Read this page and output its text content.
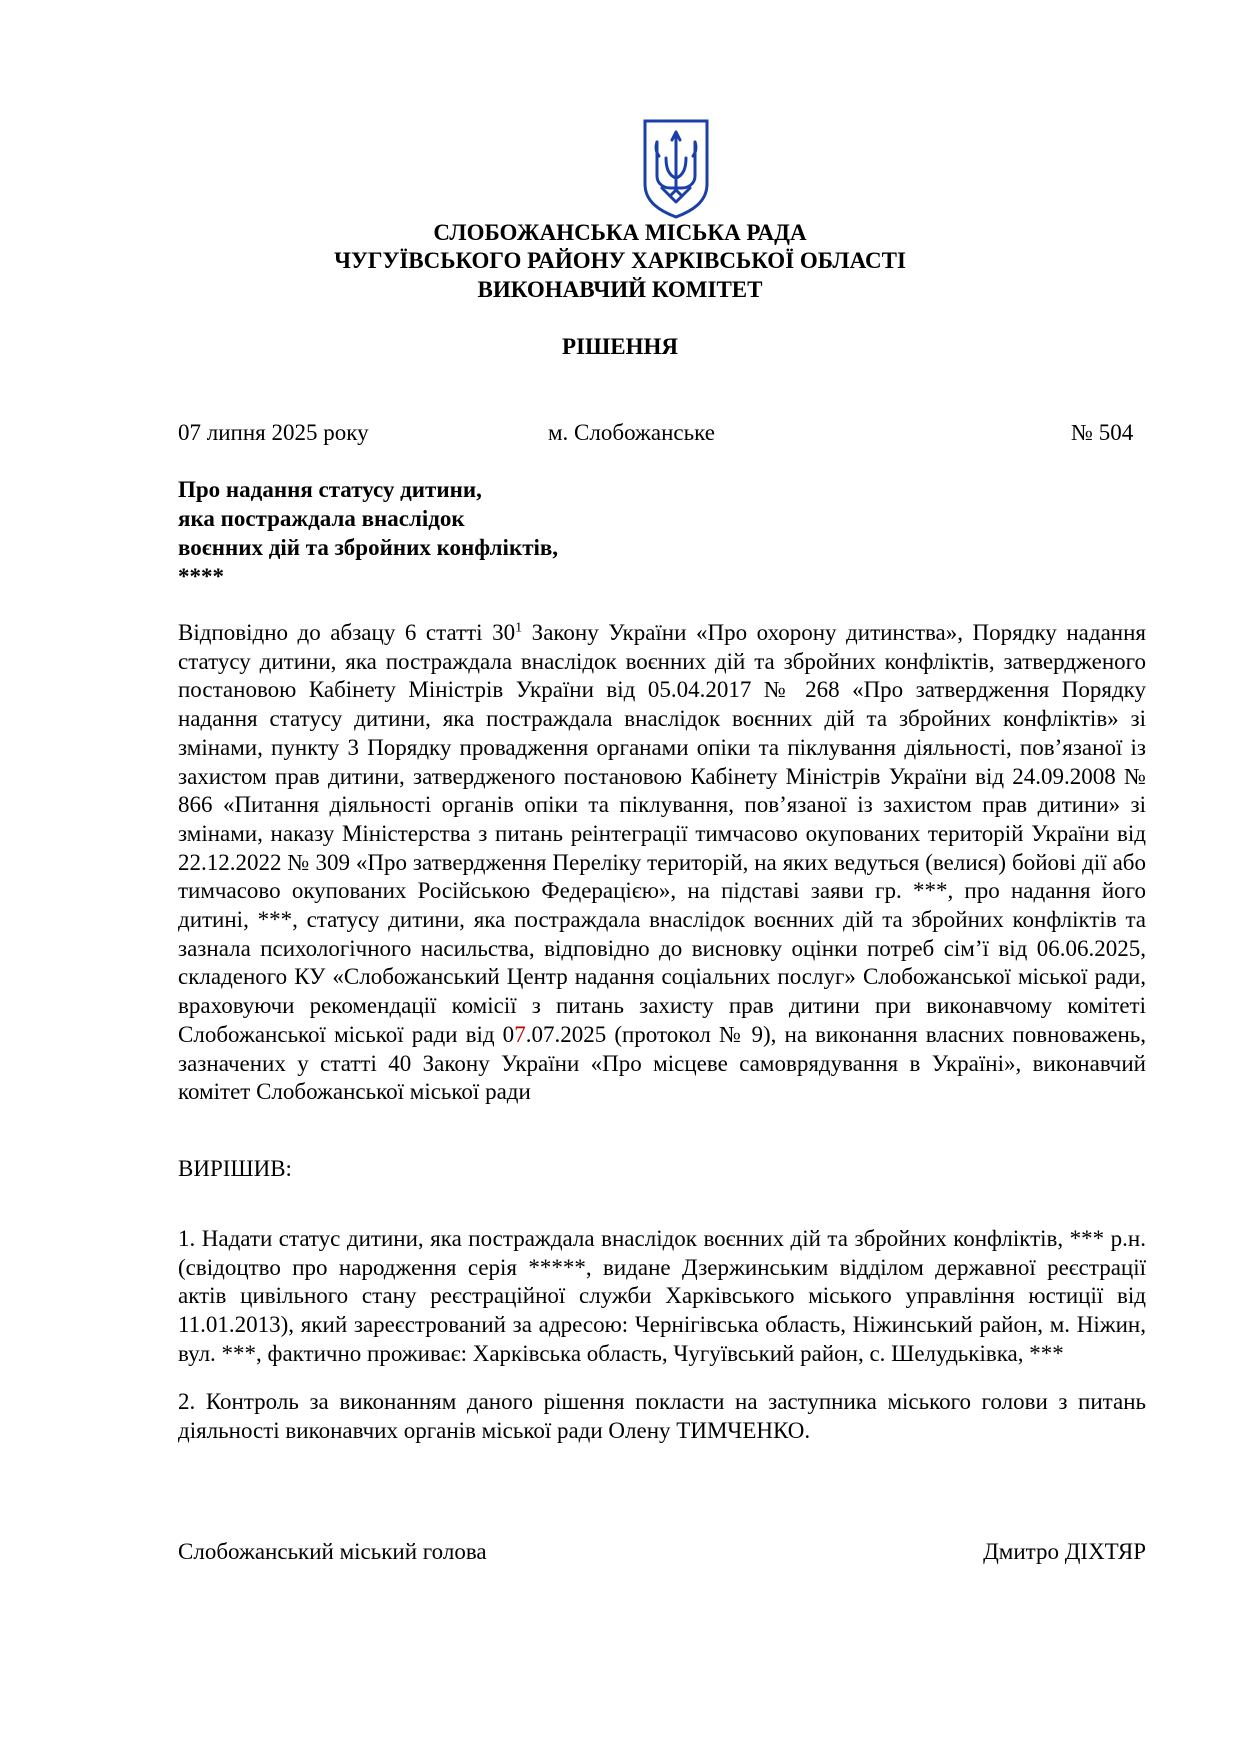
СЛОБОЖАНСЬКА МІСЬКА РАДА
ЧУГУЇВСЬКОГО РАЙОНУ ХАРКІВСЬКОЇ ОБЛАСТІ
ВИКОНАВЧИЙ КОМІТЕТ
РІШЕННЯ
07 липня 2025 року	м. Слобожанське	№ 504
Про надання статусу дитини,
яка постраждала внаслідок
воєнних дій та збройних конфліктів,
****
Відповідно до абзацу 6 статті $30^1$ Закону України «Про охорону дитинства», Порядку надання статусу дитини, яка постраждала внаслідок воєнних дій та збройних конфліктів, затвердженого постановою Кабінету Міністрів України від 05.04.2017 № 268 «Про затвердження Порядку надання статусу дитини, яка постраждала внаслідок воєнних дій та збройних конфліктів» зі змінами, пункту 3 Порядку провадження органами опіки та піклування діяльності, пов’язаної із захистом прав дитини, затвердженого постановою Кабінету Міністрів України від 24.09.2008 № 866 «Питання діяльності органів опіки та піклування, пов’язаної із захистом прав дитини» зі змінами, наказу Міністерства з питань реінтеграції тимчасово окупованих територій України від 22.12.2022 № 309 «Про затвердження Переліку територій, на яких ведуться (велися) бойові дії або тимчасово окупованих Російською Федерацією», на підставі заяви гр. ***, про надання його дитині, ***, статусу дитини, яка постраждала внаслідок воєнних дій та збройних конфліктів та зазнала психологічного насильства, відповідно до висновку оцінки потреб сім’ї від 06.06.2025, складеного КУ «Слобожанський Центр надання соціальних послуг» Слобожанської міської ради, враховуючи рекомендації комісії з питань захисту прав дитини при виконавчому комітеті Слобожанської міської ради від 07.07.2025 (протокол № 9), на виконання власних повноважень, зазначених у статті 40 Закону України «Про місцеве самоврядування в Україні», виконавчий комітет Слобожанської міської ради
ВИРІШИВ:
1. Надати статус дитини, яка постраждала внаслідок воєнних дій та збройних конфліктів, *** р.н. (свідоцтво про народження серія *****, видане Дзержинським відділом державної реєстрації актів цивільного стану реєстраційної служби Харківського міського управління юстиції від 11.01.2013), який зареєстрований за адресою: Чернігівська область, Ніжинський район, м. Ніжин, вул. ***, фактично проживає: Харківська область, Чугуївський район, с. Шелудьківка, ***
2. Контроль за виконанням даного рішення покласти на заступника міського голови з питань діяльності виконавчих органів міської ради Олену ТИМЧЕНКО.
Слобожанський міський голова	Дмитро ДІХТЯР
